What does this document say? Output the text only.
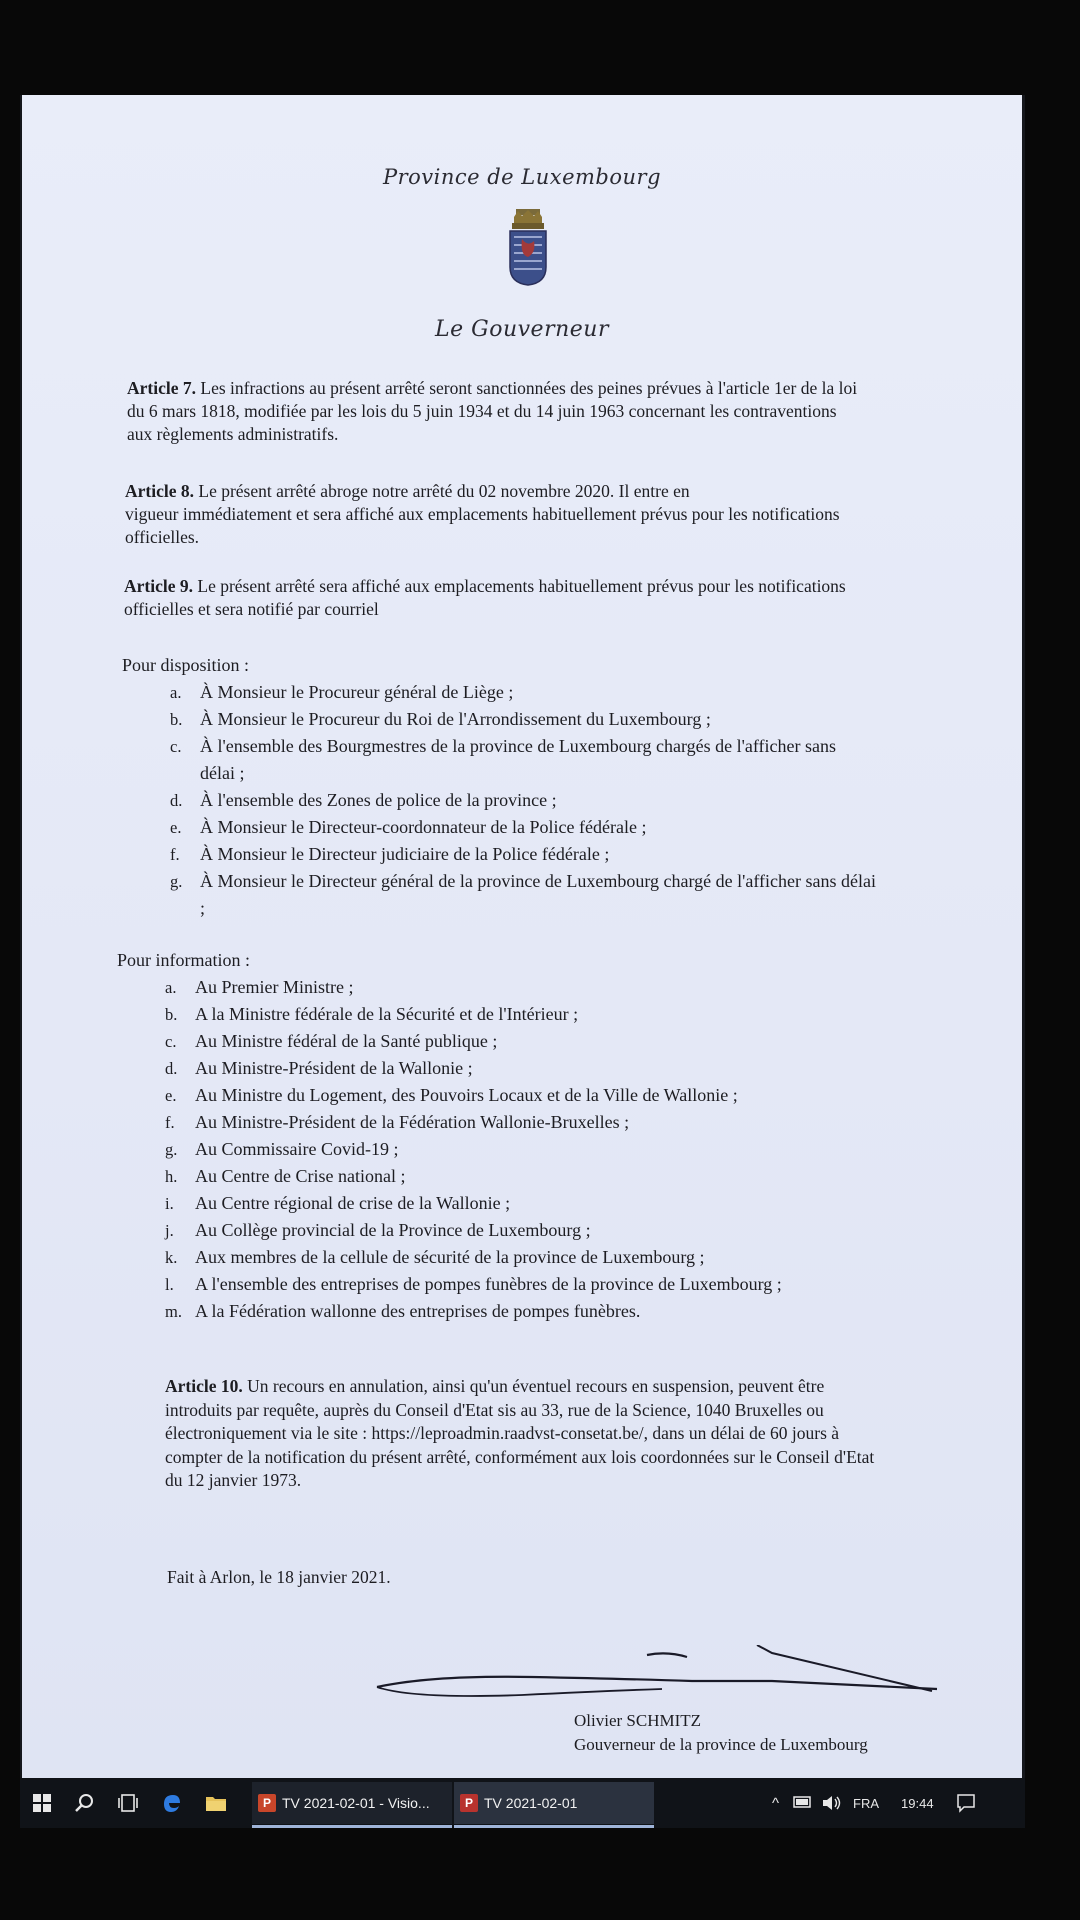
Province de Luxembourg
Le Gouverneur
Article 7. Les infractions au présent arrêté seront sanctionnées des peines prévues à l'article 1er de la loi
du 6 mars 1818, modifiée par les lois du 5 juin 1934 et du 14 juin 1963 concernant les contraventions
aux règlements administratifs.
Article 8. Le présent arrêté abroge notre arrêté du 02 novembre 2020. Il entre en
vigueur immédiatement et sera affiché aux emplacements habituellement prévus pour les notifications
officielles.
Article 9. Le présent arrêté sera affiché aux emplacements habituellement prévus pour les notifications
officielles et sera notifié par courriel
Pour disposition :
a. À Monsieur le Procureur général de Liège ;
b. À Monsieur le Procureur du Roi de l'Arrondissement du Luxembourg ;
c. À l'ensemble des Bourgmestres de la province de Luxembourg chargés de l'afficher sans
délai ;
d. À l'ensemble des Zones de police de la province ;
e. À Monsieur le Directeur-coordonnateur de la Police fédérale ;
f. À Monsieur le Directeur judiciaire de la Police fédérale ;
g. À Monsieur le Directeur général de la province de Luxembourg chargé de l'afficher sans délai
;
Pour information :
a. Au Premier Ministre ;
b. A la Ministre fédérale de la Sécurité et de l'Intérieur ;
c. Au Ministre fédéral de la Santé publique ;
d. Au Ministre-Président de la Wallonie ;
e. Au Ministre du Logement, des Pouvoirs Locaux et de la Ville de Wallonie ;
f. Au Ministre-Président de la Fédération Wallonie-Bruxelles ;
g. Au Commissaire Covid-19 ;
h. Au Centre de Crise national ;
i. Au Centre régional de crise de la Wallonie ;
j. Au Collège provincial de la Province de Luxembourg ;
k. Aux membres de la cellule de sécurité de la province de Luxembourg ;
l. A l'ensemble des entreprises de pompes funèbres de la province de Luxembourg ;
m. A la Fédération wallonne des entreprises de pompes funèbres.
Article 10. Un recours en annulation, ainsi qu'un éventuel recours en suspension, peuvent être
introduits par requête, auprès du Conseil d'Etat sis au 33, rue de la Science, 1040 Bruxelles ou
électroniquement via le site : https://leproadmin.raadvst-consetat.be/, dans un délai de 60 jours à
compter de la notification du présent arrêté, conformément aux lois coordonnées sur le Conseil d'Etat
du 12 janvier 1973.
Fait à Arlon, le 18 janvier 2021.
Olivier SCHMITZ
Gouverneur de la province de Luxembourg
P TV 2021-02-01 - Visio...	P TV 2021-02-01	^	FRA 19:44
